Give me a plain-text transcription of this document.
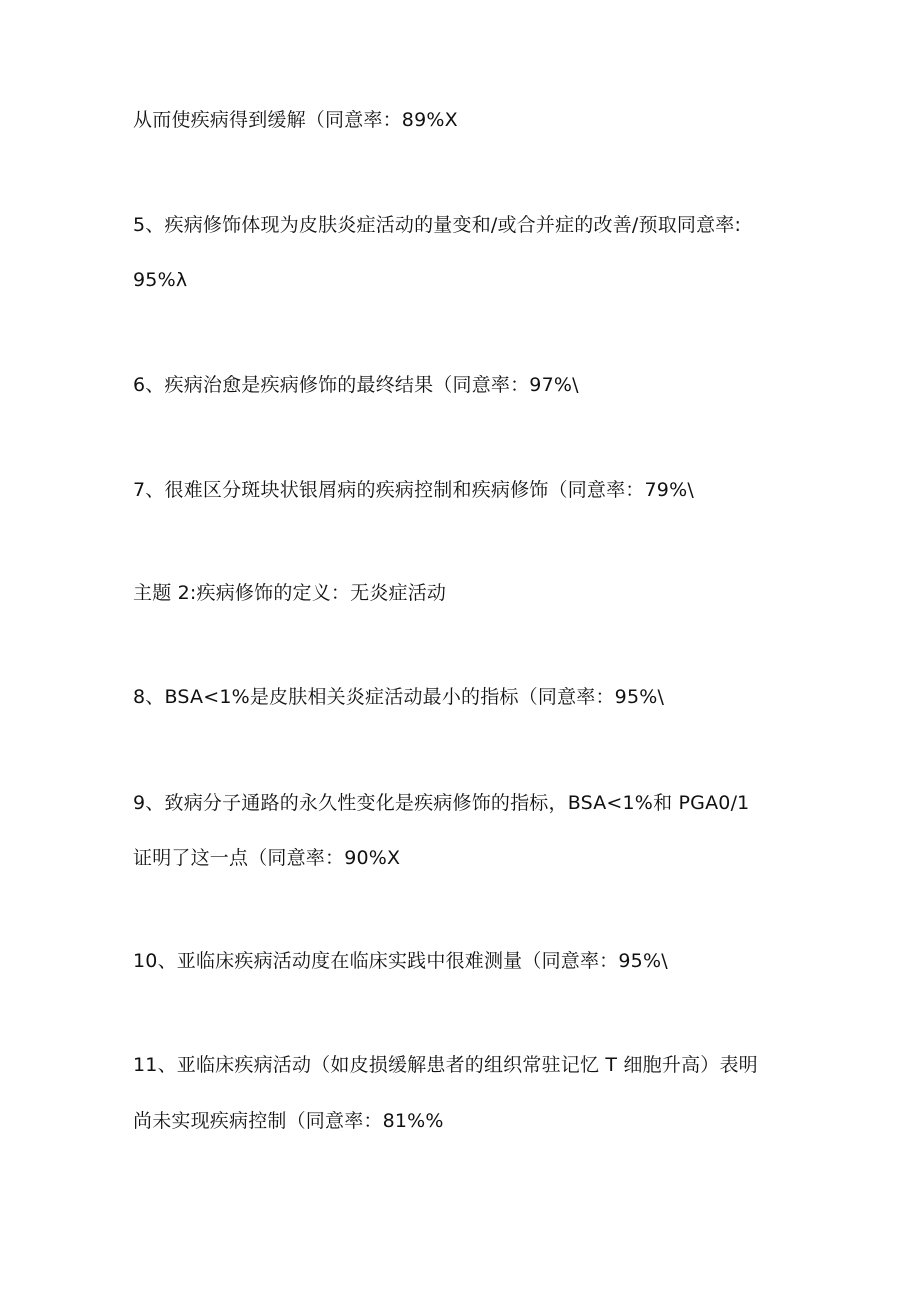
从而使疾病得到缓解（同意率：89%X
5、疾病修饰体现为皮肤炎症活动的量变和/或合并症的改善/预取同意率:
95%λ
6、疾病治愈是疾病修饰的最终结果（同意率：97%\
7、很难区分斑块状银屑病的疾病控制和疾病修饰（同意率：79%\
主题 2:疾病修饰的定义：无炎症活动
8、BSA<1%是皮肤相关炎症活动最小的指标（同意率：95%\
9、致病分子通路的永久性变化是疾病修饰的指标，BSA<1%和 PGA0/1
证明了这一点（同意率：90%X
10、亚临床疾病活动度在临床实践中很难测量（同意率：95%\
11、亚临床疾病活动（如皮损缓解患者的组织常驻记忆 T 细胞升高）表明
尚未实现疾病控制（同意率：81%%
